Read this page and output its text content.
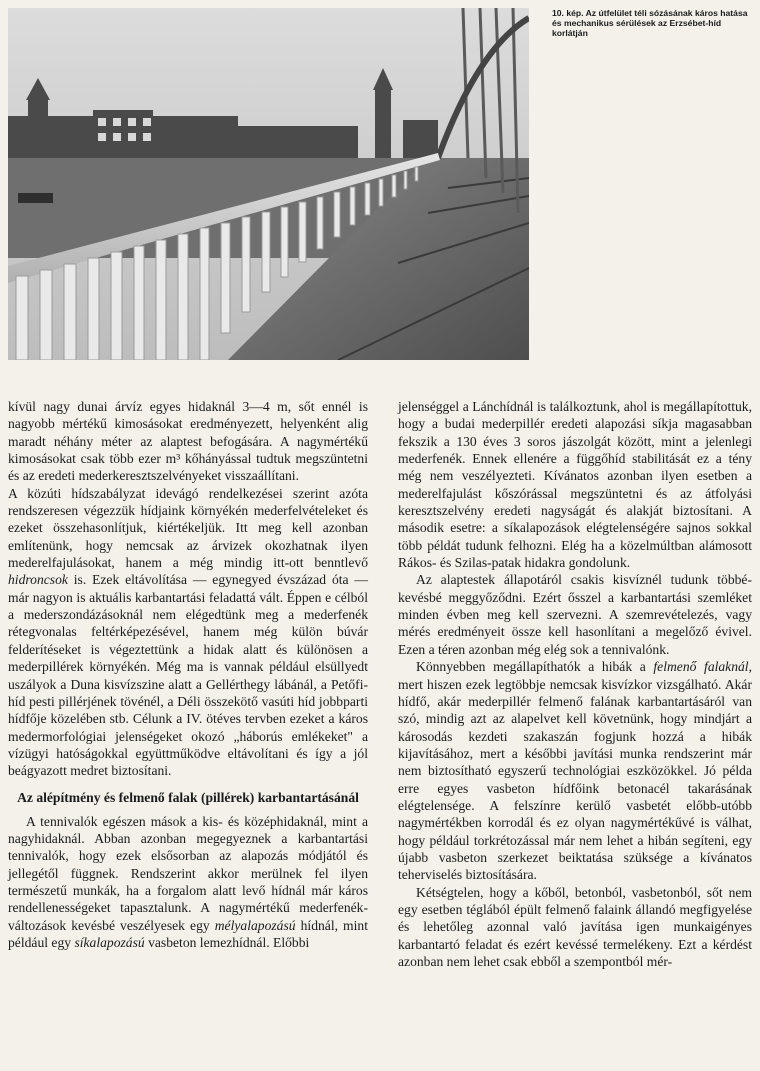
10. kép. Az útfelület téli sózásának káros hatása és mechanikus sérülések az Erzsébet-híd korlátján

kívül nagy dunai árvíz egyes hidaknál 3—4 m, sőt ennél is nagyobb mértékű kimosásokat eredményezett, helyenként alig maradt néhány méter az alaptest befogására. A nagymértékű kimosásokat csak több ezer m³ kőhányással tudtuk megszüntetni és az eredeti mederkeresztszelvényeket visszaállítani.

A közúti hídszabályzat idevágó rendelkezései szerint azóta rendszeresen végezzük hídjaink környékén mederfelvételeket és ezeket összehasonlítjuk, kiértékeljük. Itt meg kell azonban említenünk, hogy nemcsak az árvizek okozhatnak ilyen mederelfajulásokat, hanem a még mindig itt-ott benntlevő hidroncsok is. Ezek eltávolítása — egynegyed évszázad óta — már nagyon is aktuális karbantartási feladattá vált. Éppen e célból a mederszondázásoknál nem elégedtünk meg a mederfenék rétegvonalas feltérképezésével, hanem még külön búvár felderítéseket is végeztettünk a hidak alatt és különösen a mederpillérek környékén. Még ma is vannak például elsüllyedt uszályok a Duna kisvízszine alatt a Gellérthegy lábánál, a Petőfi-híd pesti pillérjének tövénél, a Déli összekötő vasúti híd jobbparti hídfője közelében stb. Célunk a IV. ötéves tervben ezeket a káros medermorfológiai jelenségeket okozó „háborús emlékeket" a vízügyi hatóságokkal együttműködve eltávolítani és így a jól beágyazott medret biztosítani.

Az alépítmény és felmenő falak (pillérek) karbantartásánál

A tennivalók egészen mások a kis- és középhidaknál, mint a nagyhidaknál. Abban azonban megegyeznek a karbantartási tennivalók, hogy ezek elsősorban az alapozás módjától és jellegétől függnek. Rendszerint akkor merülnek fel ilyen természetű munkák, ha a forgalom alatt levő hídnál már káros rendellenességeket tapasztalunk. A nagymértékű mederfenék-változások kevésbé veszélyesek egy mélyalapozású hídnál, mint például egy síkalapozású vasbeton lemezhídnál. Előbbi

jelenséggel a Lánchídnál is találkoztunk, ahol is megállapítottuk, hogy a budai mederpillér eredeti alapozási síkja magasabban fekszik a 130 éves 3 soros jászolgát között, mint a jelenlegi mederfenék. Ennek ellenére a függőhíd stabilitását ez a tény még nem veszélyezteti. Kívánatos azonban ilyen esetben a mederelfajulást kőszórással megszüntetni és az átfolyási keresztszelvény eredeti nagyságát és alakját biztosítani. A második esetre: a síkalapozások elégtelenségére sajnos sokkal több példát tudunk felhozni. Elég ha a közelmúltban alámosott Rákos- és Szilas-patak hidakra gondolunk.

Az alaptestek állapotáról csakis kisvíznél tudunk többé-kevésbé meggyőződni. Ezért ősszel a karbantartási szemléket minden évben meg kell szervezni. A szemrevételezés, vagy mérés eredményeit össze kell hasonlítani a megelőző évivel. Ezen a téren azonban még elég sok a tennivalónk.

Könnyebben megállapíthatók a hibák a felmenő falaknál, mert hiszen ezek legtöbbje nemcsak kisvízkor vizsgálható. Akár hídfő, akár mederpillér felmenő falának karbantartásáról van szó, mindig azt az alapelvet kell követnünk, hogy mindjárt a károsodás kezdeti szakaszán fogjunk hozzá a hibák kijavításához, mert a későbbi javítási munka rendszerint már nem biztosítható egyszerű technológiai eszközökkel. Jó példa erre egyes vasbeton hídfőink betonacél takarásának elégtelensége. A felszínre kerülő vasbetét előbb-utóbb nagymértékben korrodál és ez olyan nagymértékűvé is válhat, hogy például torkrétozással már nem lehet a hibán segíteni, egy újabb vasbeton szerkezet beiktatása szüksége a kívánatos teherviselés biztosítására.

Kétségtelen, hogy a kőből, betonból, vasbetonból, sőt nem egy esetben téglából épült felmenő falaink állandó megfigyelése és lehetőleg azonnal való javítása igen munkaigényes karbantartó feladat és ezért kevéssé termelékeny. Ezt a kérdést azonban nem lehet csak ebből a szempontból mér-
